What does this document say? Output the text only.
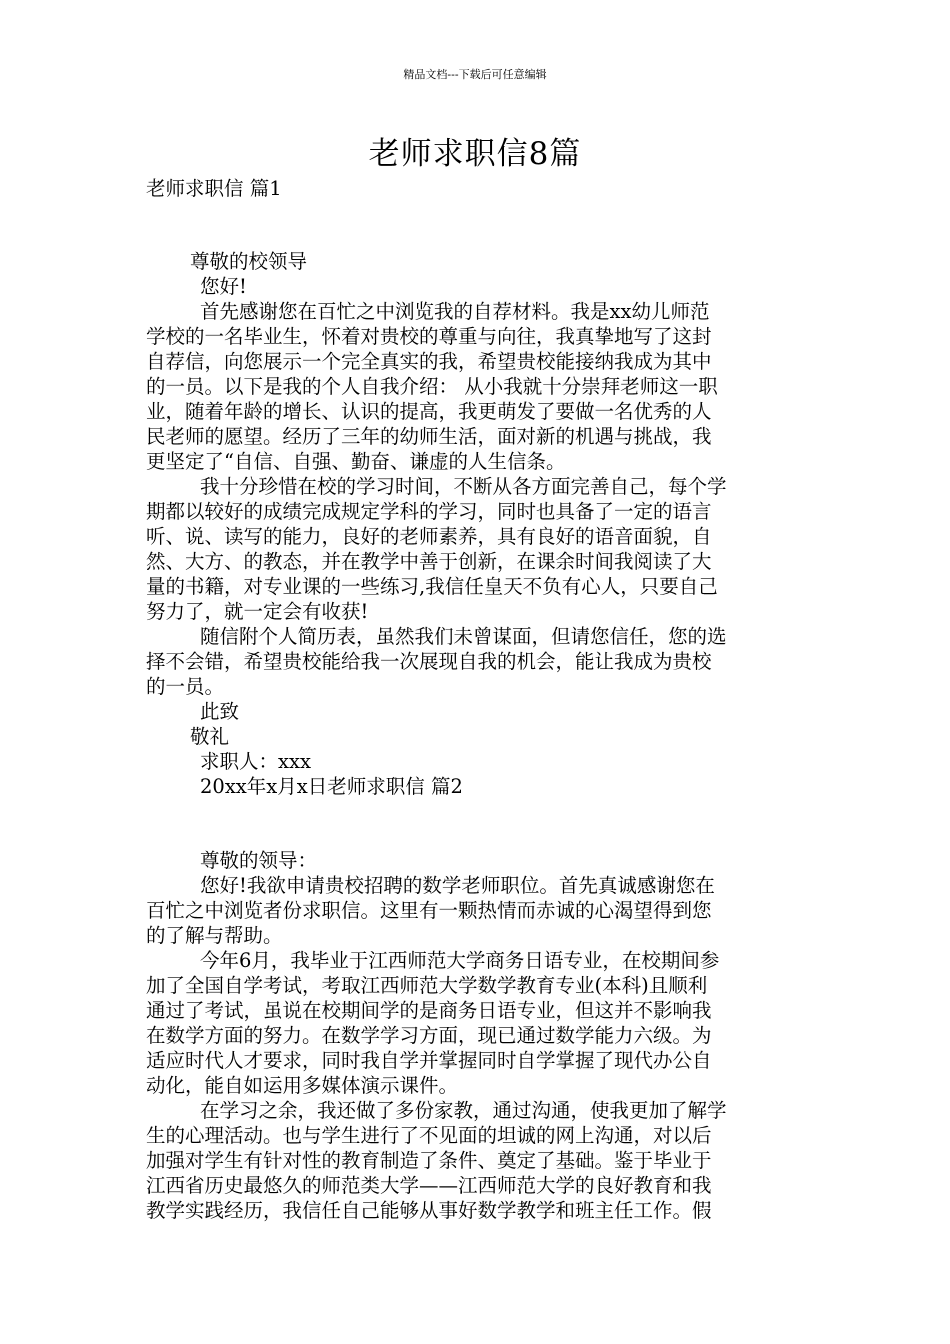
精品文档---下载后可任意编辑
老师求职信8篇
老师求职信 篇1
尊敬的校领导
您好!
首先感谢您在百忙之中浏览我的自荐材料。我是xx幼儿师范
学校的一名毕业生，怀着对贵校的尊重与向往，我真挚地写了这封
自荐信，向您展示一个完全真实的我，希望贵校能接纳我成为其中
的一员。以下是我的个人自我介绍： 从小我就十分崇拜老师这一职
业，随着年龄的增长、认识的提高，我更萌发了要做一名优秀的人
民老师的愿望。经历了三年的幼师生活，面对新的机遇与挑战，我
更坚定了“自信、自强、勤奋、谦虚的人生信条。
我十分珍惜在校的学习时间，不断从各方面完善自己，每个学
期都以较好的成绩完成规定学科的学习，同时也具备了一定的语言
听、说、读写的能力，良好的老师素养，具有良好的语音面貌，自
然、大方、的教态，并在教学中善于创新，在课余时间我阅读了大
量的书籍，对专业课的一些练习,我信任皇天不负有心人，只要自己
努力了，就一定会有收获!
随信附个人简历表，虽然我们未曾谋面，但请您信任，您的选
择不会错，希望贵校能给我一次展现自我的机会，能让我成为贵校
的一员。
此致
敬礼
求职人：xxx
20xx年x月x日老师求职信 篇2
尊敬的领导：
您好!我欲申请贵校招聘的数学老师职位。首先真诚感谢您在
百忙之中浏览者份求职信。这里有一颗热情而赤诚的心渴望得到您
的了解与帮助。
今年6月，我毕业于江西师范大学商务日语专业，在校期间参
加了全国自学考试，考取江西师范大学数学教育专业(本科)且顺利
通过了考试，虽说在校期间学的是商务日语专业，但这并不影响我
在数学方面的努力。在数学学习方面，现已通过数学能力六级。为
适应时代人才要求，同时我自学并掌握同时自学掌握了现代办公自
动化，能自如运用多媒体演示课件。
在学习之余，我还做了多份家教，通过沟通，使我更加了解学
生的心理活动。也与学生进行了不见面的坦诚的网上沟通，对以后
加强对学生有针对性的教育制造了条件、奠定了基础。鉴于毕业于
江西省历史最悠久的师范类大学——江西师范大学的良好教育和我
教学实践经历，我信任自己能够从事好数学教学和班主任工作。假
